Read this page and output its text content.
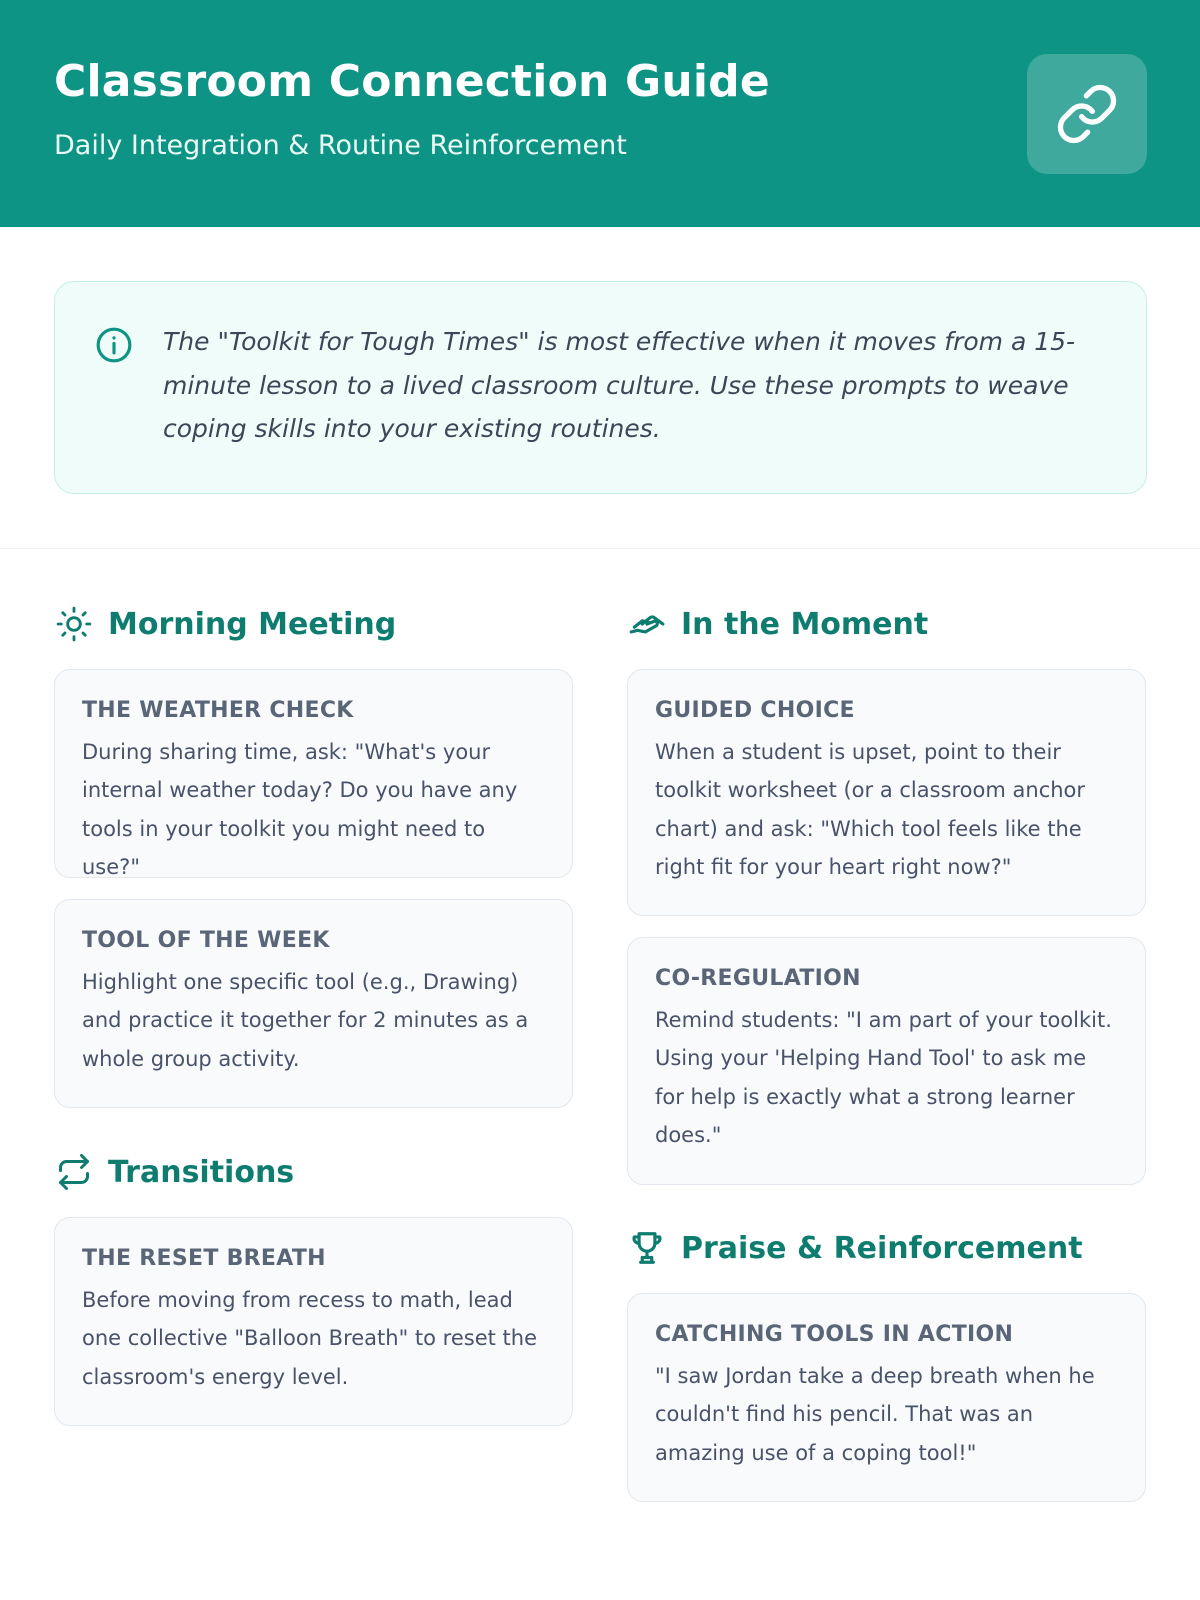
Classroom Connection Guide
Daily Integration & Routine Reinforcement
The "Toolkit for Tough Times" is most effective when it moves from a 15-minute lesson to a lived classroom culture. Use these prompts to weave coping skills into your existing routines.
Morning Meeting
THE WEATHER CHECK
During sharing time, ask: "What's your internal weather today? Do you have any tools in your toolkit you might need to use?"
TOOL OF THE WEEK
Highlight one specific tool (e.g., Drawing) and practice it together for 2 minutes as a whole group activity.
Transitions
THE RESET BREATH
Before moving from recess to math, lead one collective "Balloon Breath" to reset the classroom's energy level.
In the Moment
GUIDED CHOICE
When a student is upset, point to their toolkit worksheet (or a classroom anchor chart) and ask: "Which tool feels like the right fit for your heart right now?"
CO-REGULATION
Remind students: "I am part of your toolkit. Using your 'Helping Hand Tool' to ask me for help is exactly what a strong learner does."
Praise & Reinforcement
CATCHING TOOLS IN ACTION
"I saw Jordan take a deep breath when he couldn't find his pencil. That was an amazing use of a coping tool!"
